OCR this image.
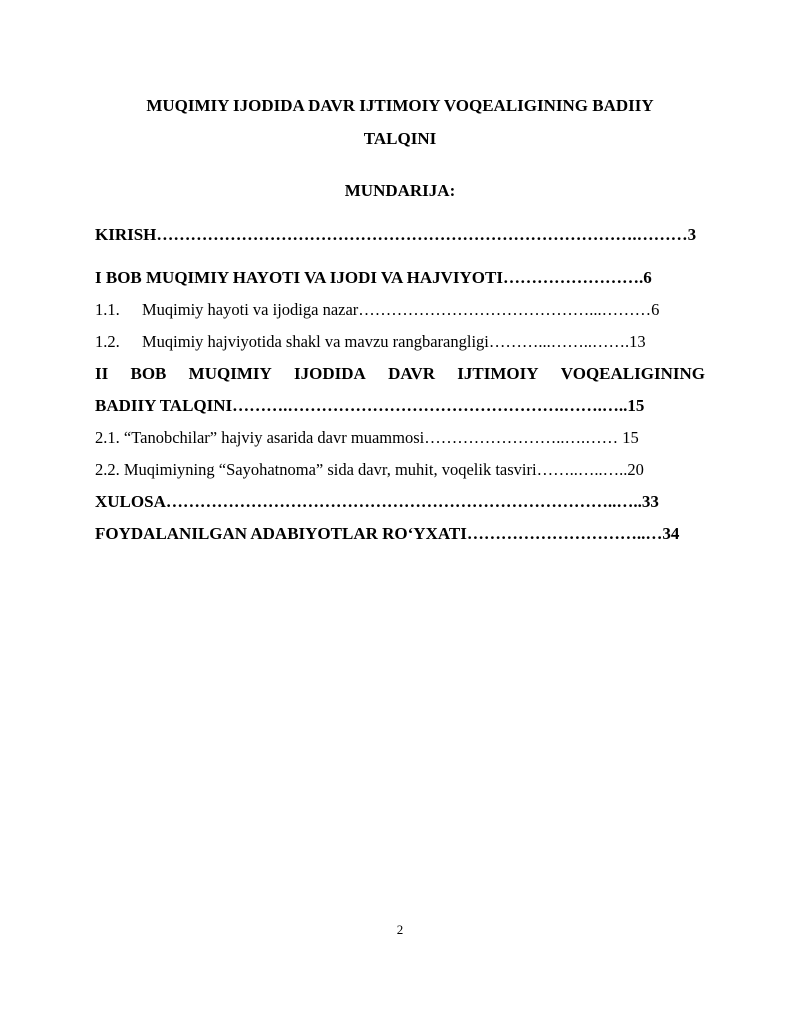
MUQIMIY IJODIDA DAVR IJTIMOIY VOQEALIGINING BADIIY

TALQINI

MUNDARIJA:

KIRISH………………………………………………………………………….………3
I BOB MUQIMIY HAYOTI VA IJODI VA HAJVIYOTI…………………….6
1.1. Muqimiy hayoti va ijodiga nazar……………………………………...………6
1.2. Muqimiy hajviyotida shakl va mavzu rangbarangligi………...……..…….13
II BOB MUQIMIY IJODIDA DAVR IJTIMOIY VOQEALIGINING
BADIIY TALQINI……….………………………………………….…….…..15
2.1. “Tanobchilar” hajviy asarida davr muammosi……………………..….…… 15
2.2. Muqimiyning “Sayohatnoma” sida davr, muhit, voqelik tasviri……..…..…..20
XULOSA……………………………………………………………………..…..33
FOYDALANILGAN ADABIYOTLAR RO‘YXATI…………………………..…34
2
